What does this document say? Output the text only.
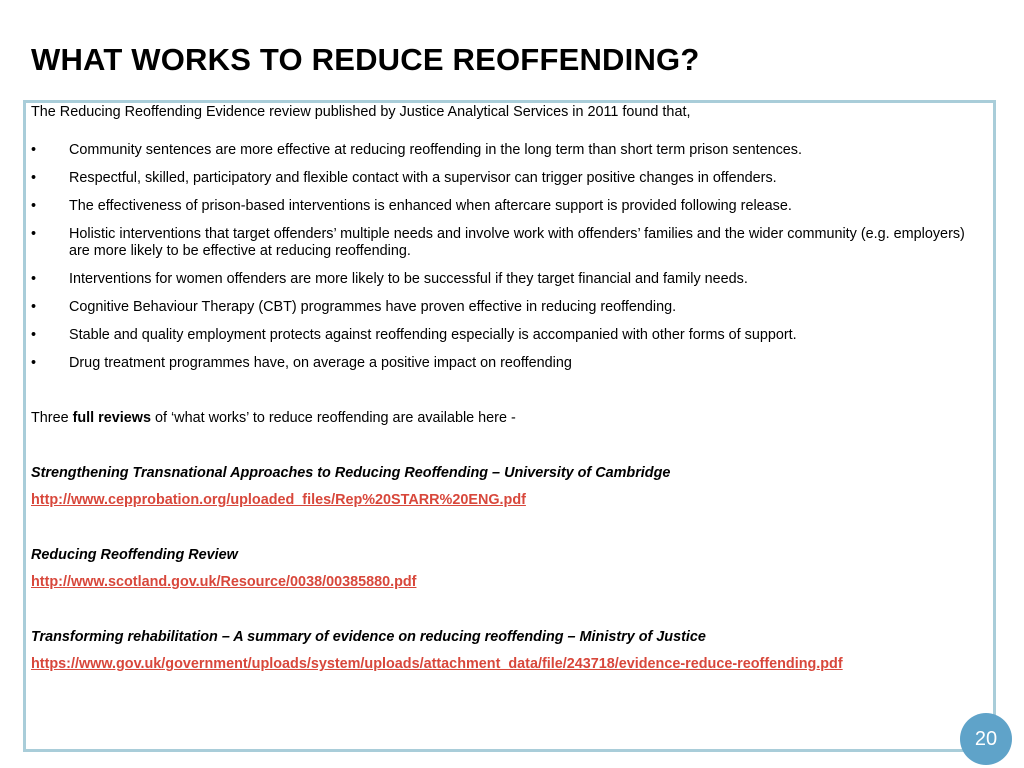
WHAT WORKS TO REDUCE REOFFENDING?

The Reducing Reoffending Evidence review published by Justice Analytical Services in 2011 found that,

• Community sentences are more effective at reducing reoffending in the long term than short term prison sentences.
• Respectful, skilled, participatory and flexible contact with a supervisor can trigger positive changes in offenders.
• The effectiveness of prison-based interventions is enhanced when aftercare support is provided following release.
• Holistic interventions that target offenders’ multiple needs and involve work with offenders’ families and the wider community (e.g. employers) are more likely to be effective at reducing reoffending.
• Interventions for women offenders are more likely to be successful if they target financial and family needs.
• Cognitive Behaviour Therapy (CBT) programmes have proven effective in reducing reoffending.
• Stable and quality employment protects against reoffending especially is accompanied with other forms of support.
• Drug treatment programmes have, on average a positive impact on reoffending

Three full reviews of ‘what works’ to reduce reoffending are available here -

Strengthening Transnational Approaches to Reducing Reoffending – University of Cambridge

http://www.cepprobation.org/uploaded_files/Rep%20STARR%20ENG.pdf

Reducing Reoffending Review

http://www.scotland.gov.uk/Resource/0038/00385880.pdf

Transforming rehabilitation – A summary of evidence on reducing reoffending – Ministry of Justice

https://www.gov.uk/government/uploads/system/uploads/attachment_data/file/243718/evidence-reduce-reoffending.pdf
20
